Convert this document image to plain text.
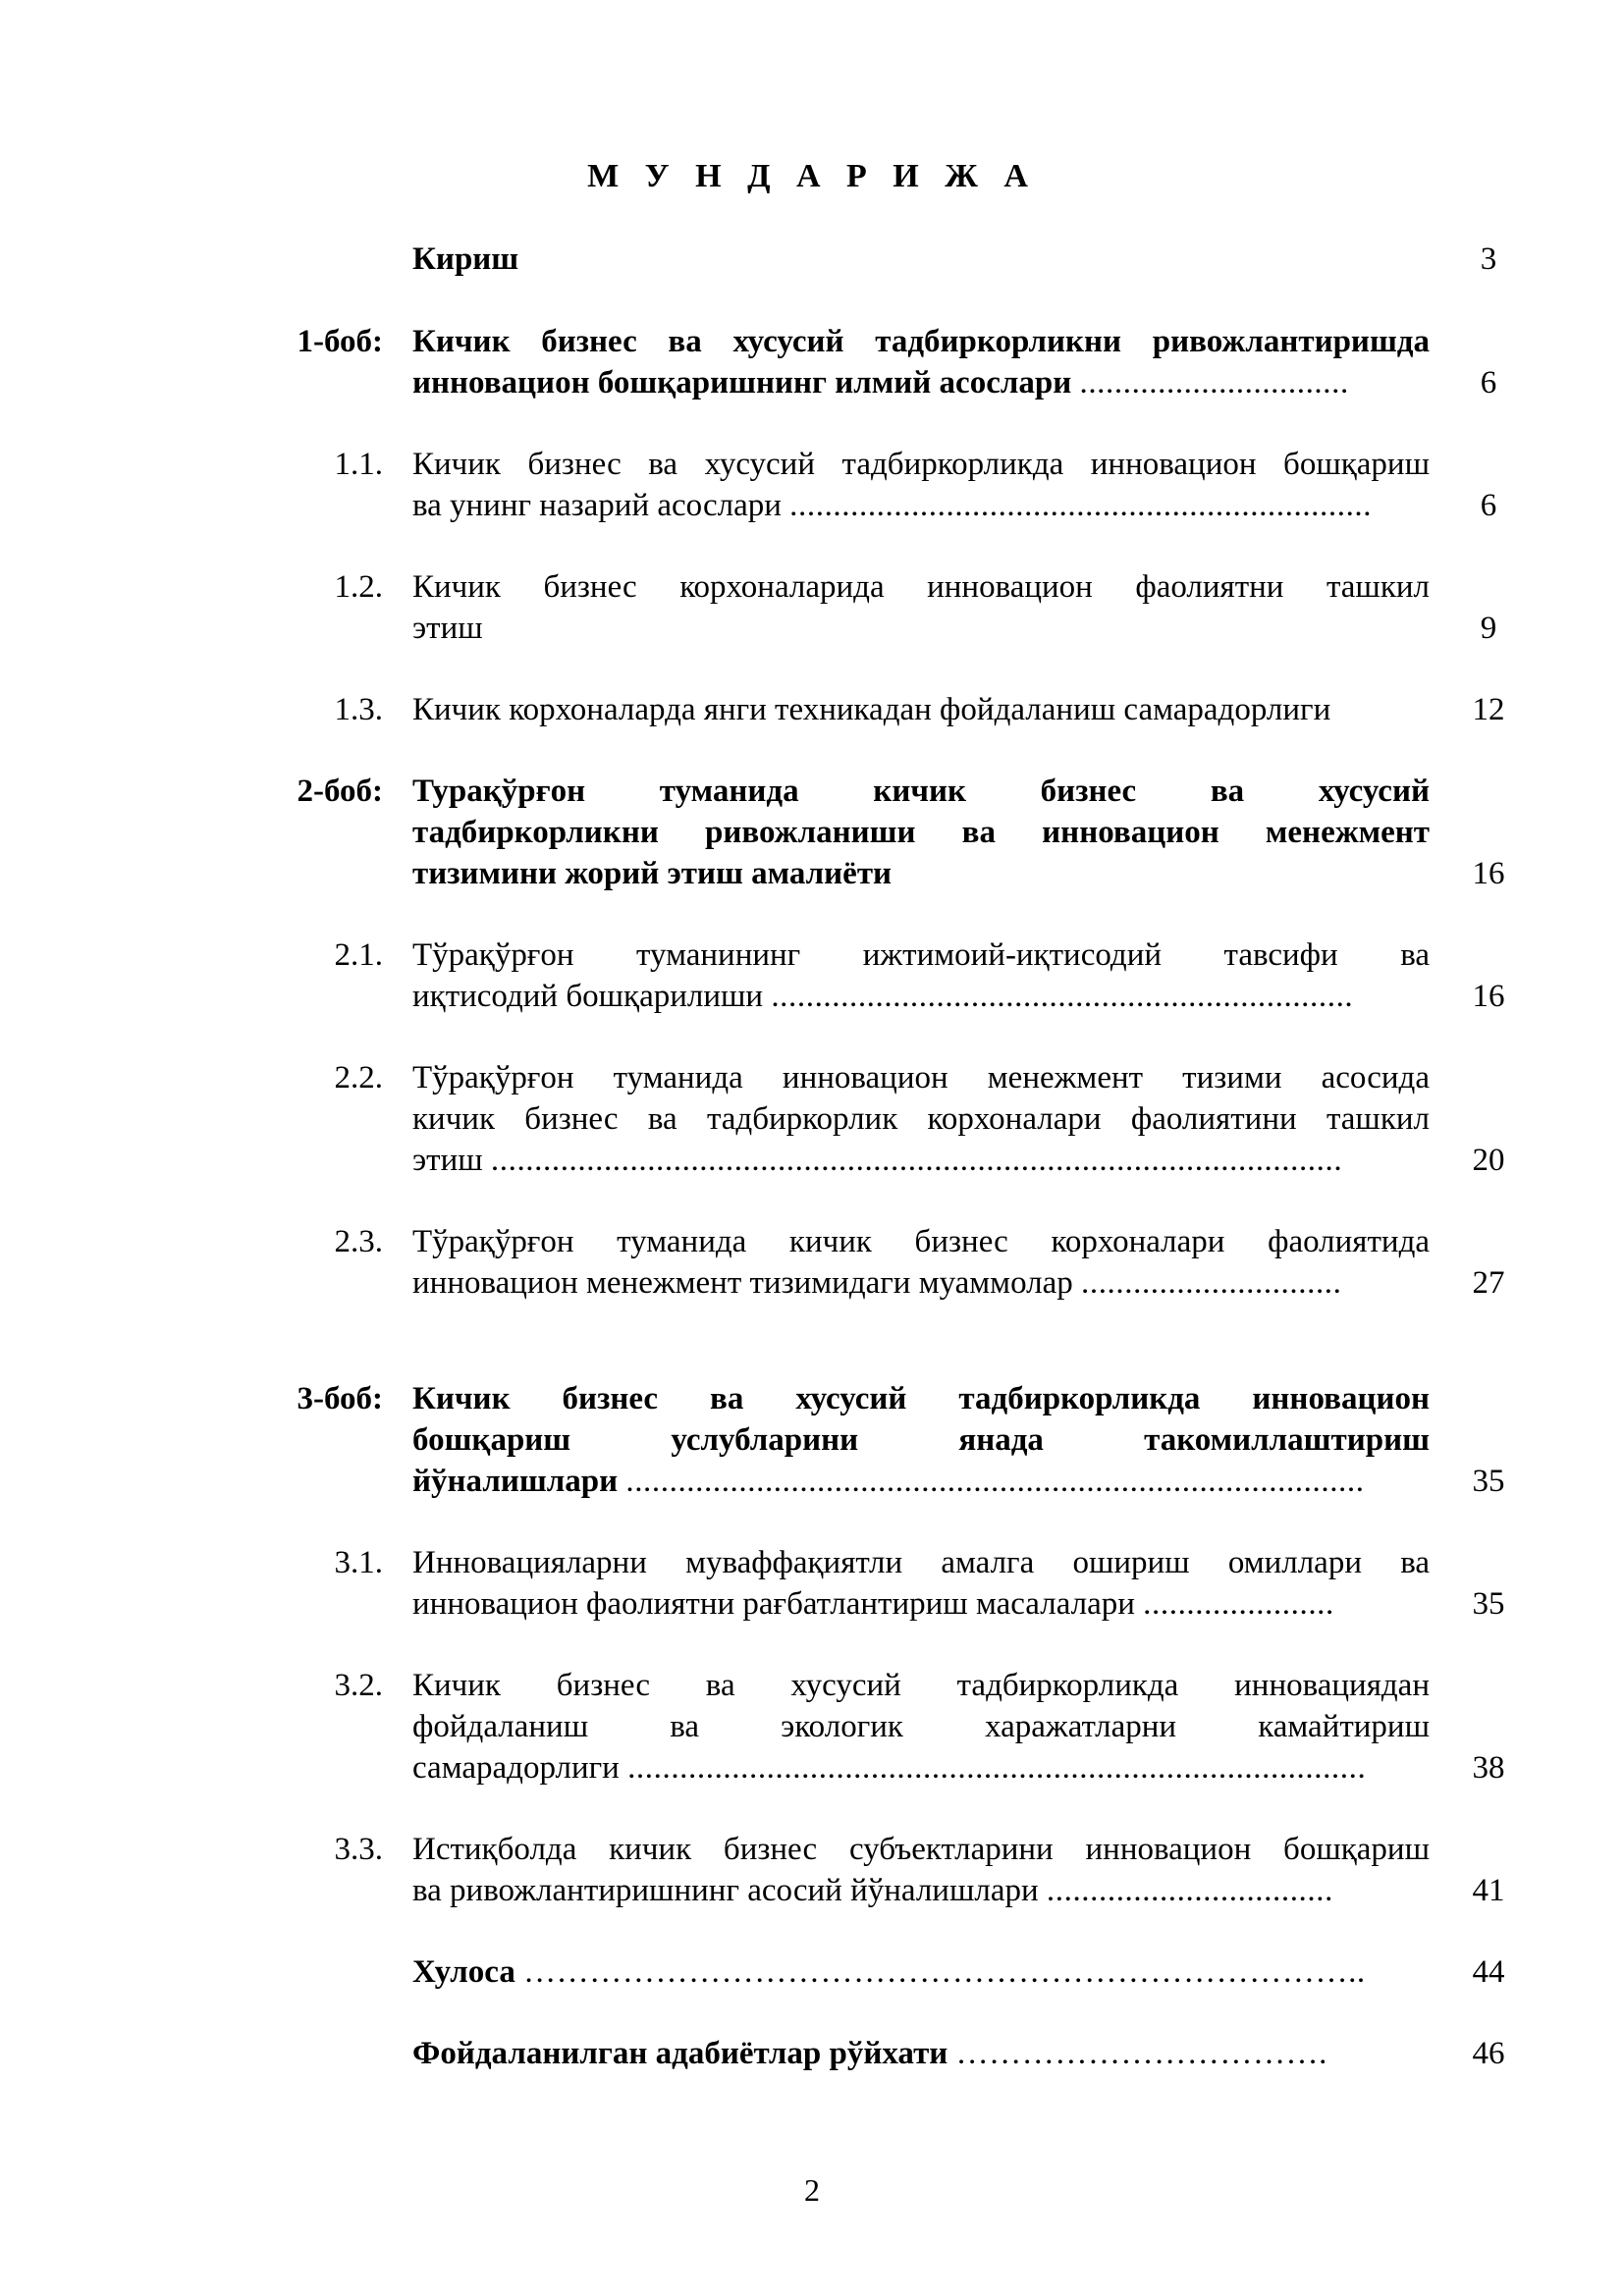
М У Н Д А Р И Ж А
Кириш	3
1-боб: Кичик бизнес ва хусусий тадбиркорликни ривожлантиришда
инновацион бошқаришнинг илмий асослари ...............................	6
1.1. Кичик бизнес ва хусусий тадбиркорликда инновацион бошқариш
ва унинг назарий асослари ...................................................................	6
1.2. Кичик бизнес корхоналарида инновацион фаолиятни ташкил
этиш	9
1.3. Кичик корхоналарда янги техникадан фойдаланиш самарадорлиги	12
2-боб: Турақўрғон туманида кичик бизнес ва хусусий
тадбиркорликни ривожланиши ва инновацион менежмент
тизимини жорий этиш амалиёти	16
2.1. Тўрақўрғон туманининг ижтимоий-иқтисодий тавсифи ва
иқтисодий бошқарилиши ...................................................................	16
2.2. Тўрақўрғон туманида инновацион менежмент тизими асосида
кичик бизнес ва тадбиркорлик корхоналари фаолиятини ташкил
этиш ..................................................................................................	20
2.3. Тўрақўрғон туманида кичик бизнес корхоналари фаолиятида
инновацион менежмент тизимидаги муаммолар ..............................	27
3-боб: Кичик бизнес ва хусусий тадбиркорликда инновацион
бошқариш услубларини янада такомиллаштириш
йўналишлари .....................................................................................	35
3.1. Инновацияларни муваффақиятли амалга ошириш омиллари ва
инновацион фаолиятни рағбатлантириш масалалари ......................	35
3.2. Кичик бизнес ва хусусий тадбиркорликда инновациядан
фойдаланиш ва экологик харажатларни камайтириш
самарадорлиги .....................................................................................	38
3.3. Истиқболда кичик бизнес субъектларини инновацион бошқариш
ва ривожлантиришнинг асосий йўналишлари .................................	41
Хулоса …………………………………………………………………..	44
Фойдаланилган адабиётлар рўйхати …………………………….	46
2
